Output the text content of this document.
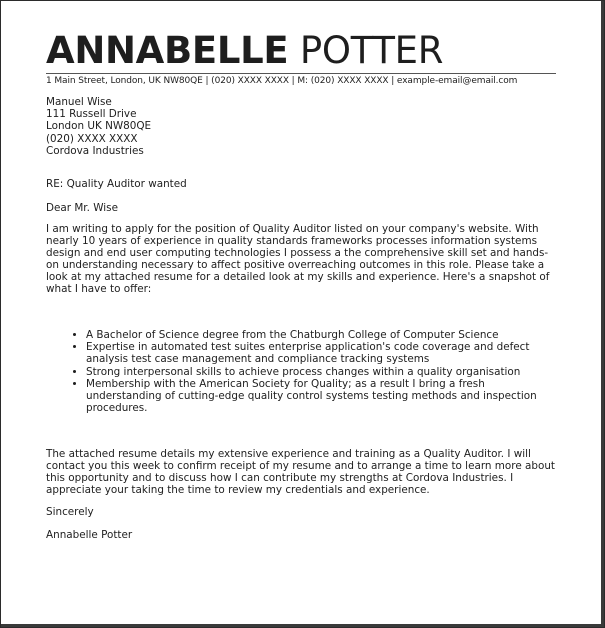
ANNABELLE POTTER
1 Main Street, London, UK NW80QE | (020) XXXX XXXX | M: (020) XXXX XXXX | example-email@email.com
Manuel Wise
111 Russell Drive
London UK NW80QE
(020) XXXX XXXX
Cordova Industries
RE: Quality Auditor wanted
Dear Mr. Wise

I am writing to apply for the position of Quality Auditor listed on your company's website. With nearly 10 years of experience in quality standards frameworks processes information systems design and end user computing technologies I possess a the comprehensive skill set and hands-on understanding necessary to affect positive overreaching outcomes in this role. Please take a look at my attached resume for a detailed look at my skills and experience. Here's a snapshot of what I have to offer:

• A Bachelor of Science degree from the Chatburgh College of Computer Science
• Expertise in automated test suites enterprise application's code coverage and defect analysis test case management and compliance tracking systems
• Strong interpersonal skills to achieve process changes within a quality organisation
• Membership with the American Society for Quality; as a result I bring a fresh understanding of cutting-edge quality control systems testing methods and inspection procedures.

The attached resume details my extensive experience and training as a Quality Auditor. I will contact you this week to confirm receipt of my resume and to arrange a time to learn more about this opportunity and to discuss how I can contribute my strengths at Cordova Industries. I appreciate your taking the time to review my credentials and experience.

Sincerely
Annabelle Potter
